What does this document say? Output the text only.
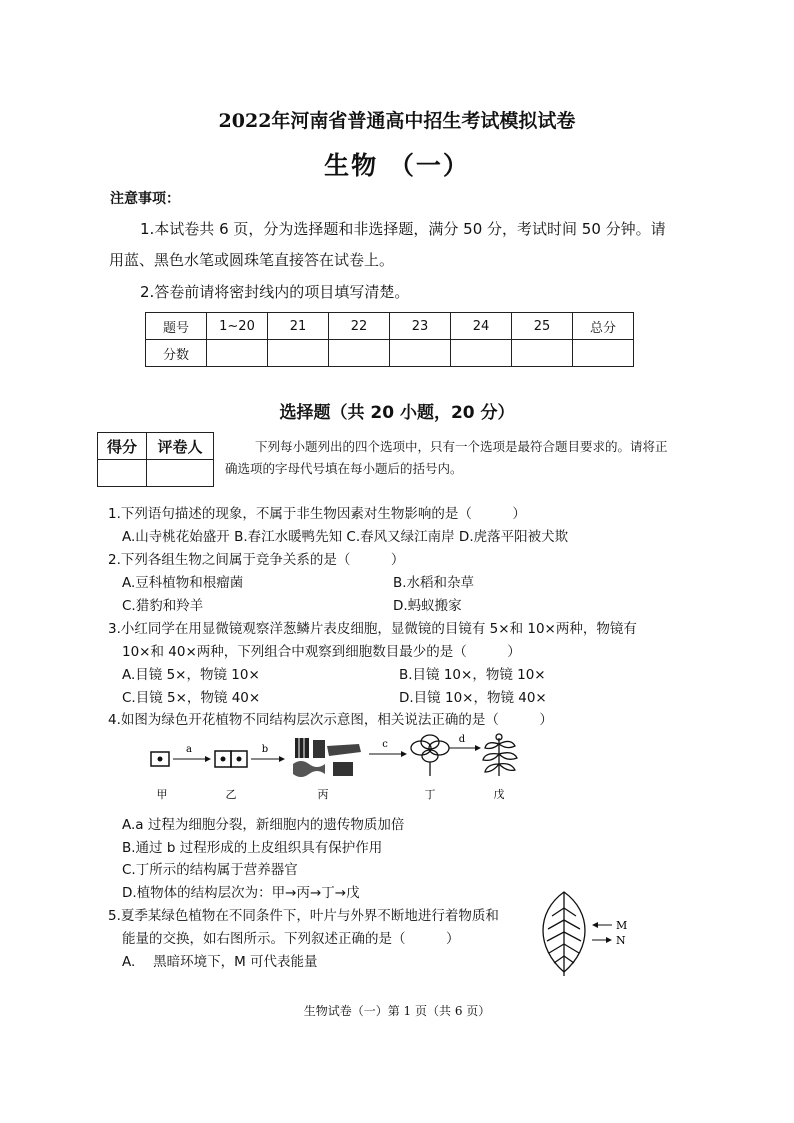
2022年河南省普通高中招生考试模拟试卷
生物 （一）
注意事项：
1.本试卷共 6 页，分为选择题和非选择题，满分 50 分，考试时间 50 分钟。请
用蓝、黑色水笔或圆珠笔直接答在试卷上。
2.答卷前请将密封线内的项目填写清楚。
题号	1~20	21	22	23	24	25	总分
分数							
选择题（共 20 小题，20 分）
得分	评卷人
		下列每小题列出的四个选项中，只有一个选项是最符合题目要求的。请将正确选项的字母代号填在每小题后的括号内。
1.下列语句描述的现象，不属于非生物因素对生物影响的是（　　　）
A.山寺桃花始盛开 B.春江水暖鸭先知 C.春风又绿江南岸 D.虎落平阳被犬欺
2.下列各组生物之间属于竞争关系的是（　　　）
A.豆科植物和根瘤菌	B.水稻和杂草
C.猎豹和羚羊	D.蚂蚁搬家
3.小红同学在用显微镜观察洋葱鳞片表皮细胞，显微镜的目镜有 5×和 10×两种，物镜有
10×和 40×两种，下列组合中观察到细胞数目最少的是（　　　）
A.目镜 5×，物镜 10×	B.目镜 10×，物镜 10×
C.目镜 5×，物镜 40×	D.目镜 10×，物镜 40×
4.如图为绿色开花植物不同结构层次示意图，相关说法正确的是（　　　）
a	b	c	d
甲	乙	丙	丁	戊
A.a 过程为细胞分裂，新细胞内的遗传物质加倍
B.通过 b 过程形成的上皮组织具有保护作用
C.丁所示的结构属于营养器官
D.植物体的结构层次为：甲→丙→丁→戊
5.夏季某绿色植物在不同条件下，叶片与外界不断地进行着物质和
能量的交换，如右图所示。下列叙述正确的是（　　　）
A.　 黑暗环境下，M 可代表能量
M
N
生物试卷（一）第 1 页（共 6 页）
